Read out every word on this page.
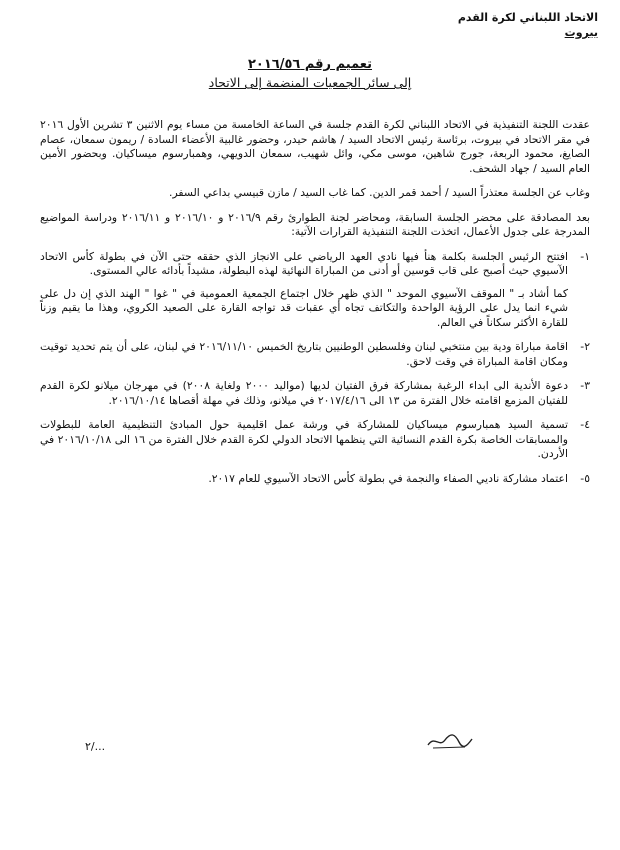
الاتحاد اللبناني لكرة القدم
بيروت
تعميم رقم ٢٠١٦/٥٦
إلى سائر الجمعيات المنضمة إلى الاتحاد

عقدت اللجنة التنفيذية في الاتحاد اللبناني لكرة القدم جلسة في الساعة الخامسة من مساء يوم الاثنين ٣ تشرين الأول ٢٠١٦ في مقر الاتحاد في بيروت، برئاسة رئيس الاتحاد السيد / هاشم حيدر، وحضور غالبية الأعضاء السادة / ريمون سمعان، عصام الصايغ، محمود الربعة، جورج شاهين، موسى مكي، وائل شهيب، سمعان الدويهي، وهمبارسوم ميساكيان. وبحضور الأمين العام السيد / جهاد الشحف.

وغاب عن الجلسة معتذراً السيد / أحمد قمر الدين. كما غاب السيد / مازن قبيسي بداعي السفر.

بعد المصادقة على محضر الجلسة السابقة، ومحاضر لجنة الطوارئ رقم ٢٠١٦/٩ و ٢٠١٦/١٠ و ٢٠١٦/١١ ودراسة المواضيع المدرجة على جدول الأعمال، اتخذت اللجنة التنفيذية القرارات الآتية:

١-
افتتح الرئيس الجلسة بكلمة هنأ فيها نادي العهد الرياضي على الانجاز الذي حققه حتى الآن في بطولة كأس الاتحاد الآسيوي حيث أصبح على قاب قوسين أو أدنى من المباراة النهائية لهذه البطولة، مشيداً بأدائه عالي المستوى.
كما أشاد بـ " الموقف الآسيوي الموحد " الذي ظهر خلال اجتماع الجمعية العمومية في " غوا " الهند الذي إن دل على شيء انما يدل على الرؤية الواحدة والتكاتف تجاه أي عقبات قد تواجه القارة على الصعيد الكروي، وهذا ما يقيم وزناً للقارة الأكثر سكاناً في العالم.
٢-
اقامة مباراة ودية بين منتخبي لبنان وفلسطين الوطنيين بتاريخ الخميس ٢٠١٦/١١/١٠ في لبنان، على أن يتم تحديد توقيت ومكان اقامة المباراة في وقت لاحق.
٣-
دعوة الأندية الى ابداء الرغبة بمشاركة فرق الفتيان لديها (مواليد ٢٠٠٠ ولغاية ٢٠٠٨) في مهرجان ميلانو لكرة القدم للفتيان المزمع اقامته خلال الفترة من ١٣ الى ٢٠١٧/٤/١٦ في ميلانو، وذلك في مهلة أقصاها ٢٠١٦/١٠/١٤.
٤-
تسمية السيد همبارسوم ميساكيان للمشاركة في ورشة عمل اقليمية حول المبادئ التنظيمية العامة للبطولات والمسابقات الخاصة بكرة القدم النسائية التي ينظمها الاتحاد الدولي لكرة القدم خلال الفترة من ١٦ الى ٢٠١٦/١٠/١٨ في الأردن.
٥-
اعتماد مشاركة ناديي الصفاء والنجمة في بطولة كأس الاتحاد الآسيوي للعام ٢٠١٧.
٢/...
